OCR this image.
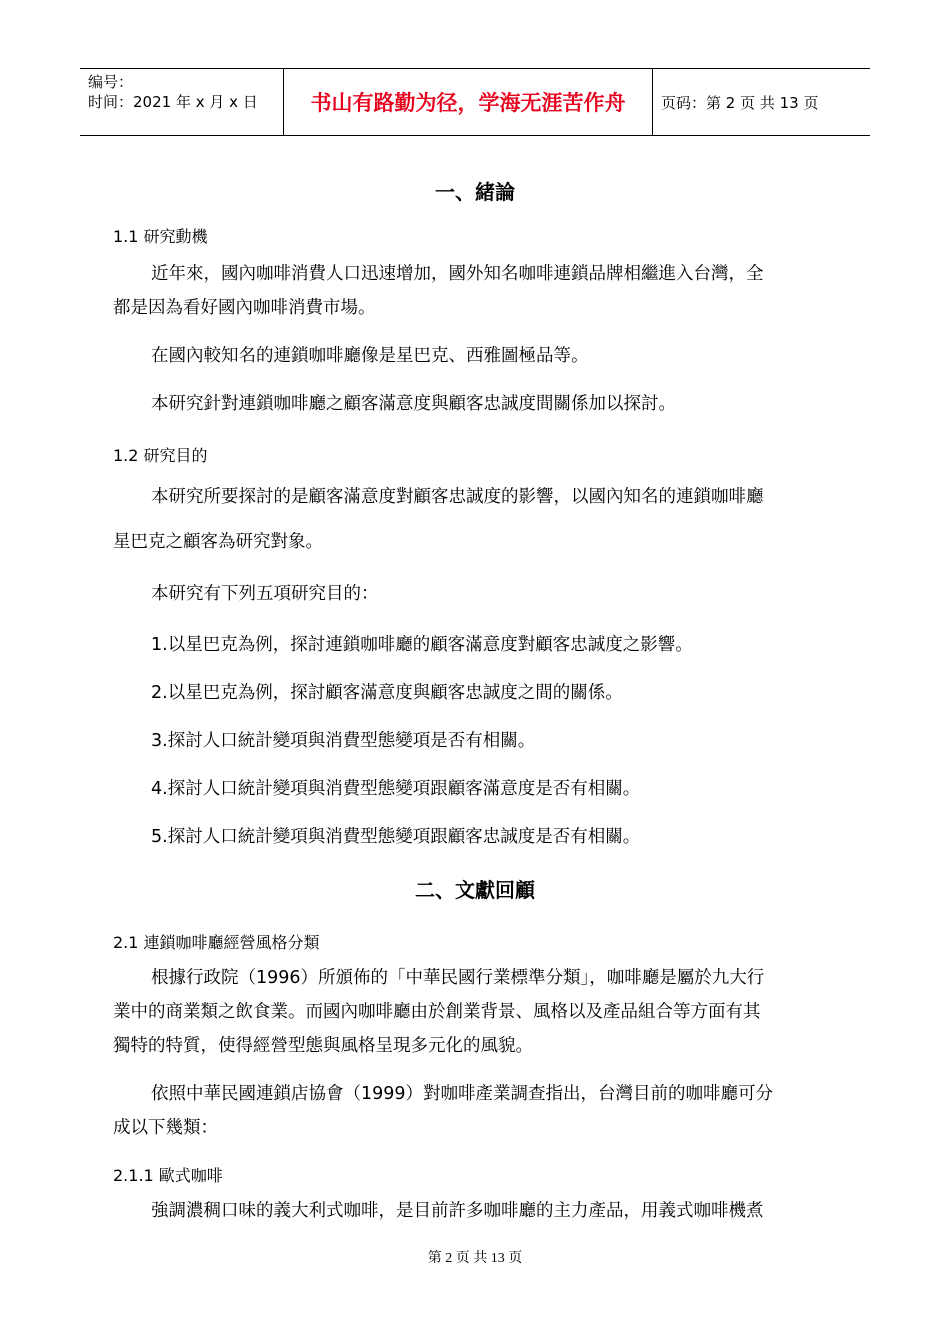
编号：
时间：2021 年 x 月 x 日	书山有路勤为径，学海无涯苦作舟	页码：第 2 页 共 13 页
一、緒論
1.1 研究動機
近年來，國內咖啡消費人口迅速增加，國外知名咖啡連鎖品牌相繼進入台灣，全
都是因為看好國內咖啡消費市場。
在國內較知名的連鎖咖啡廳像是星巴克、西雅圖極品等。
本研究針對連鎖咖啡廳之顧客滿意度與顧客忠誠度間關係加以探討。
1.2 研究目的
本研究所要探討的是顧客滿意度對顧客忠誠度的影響，以國內知名的連鎖咖啡廳
星巴克之顧客為研究對象。
本研究有下列五項研究目的：
1.以星巴克為例，探討連鎖咖啡廳的顧客滿意度對顧客忠誠度之影響。
2.以星巴克為例，探討顧客滿意度與顧客忠誠度之間的關係。
3.探討人口統計變項與消費型態變項是否有相關。
4.探討人口統計變項與消費型態變項跟顧客滿意度是否有相關。
5.探討人口統計變項與消費型態變項跟顧客忠誠度是否有相關。
二、文獻回顧
2.1 連鎖咖啡廳經營風格分類
根據行政院（1996）所頒佈的「中華民國行業標準分類」，咖啡廳是屬於九大行
業中的商業類之飲食業。而國內咖啡廳由於創業背景、風格以及產品組合等方面有其
獨特的特質，使得經營型態與風格呈現多元化的風貌。
依照中華民國連鎖店協會（1999）對咖啡產業調查指出，台灣目前的咖啡廳可分
成以下幾類：
2.1.1 歐式咖啡
強調濃稠口味的義大利式咖啡，是目前許多咖啡廳的主力產品，用義式咖啡機煮
第 2 页 共 13 页
